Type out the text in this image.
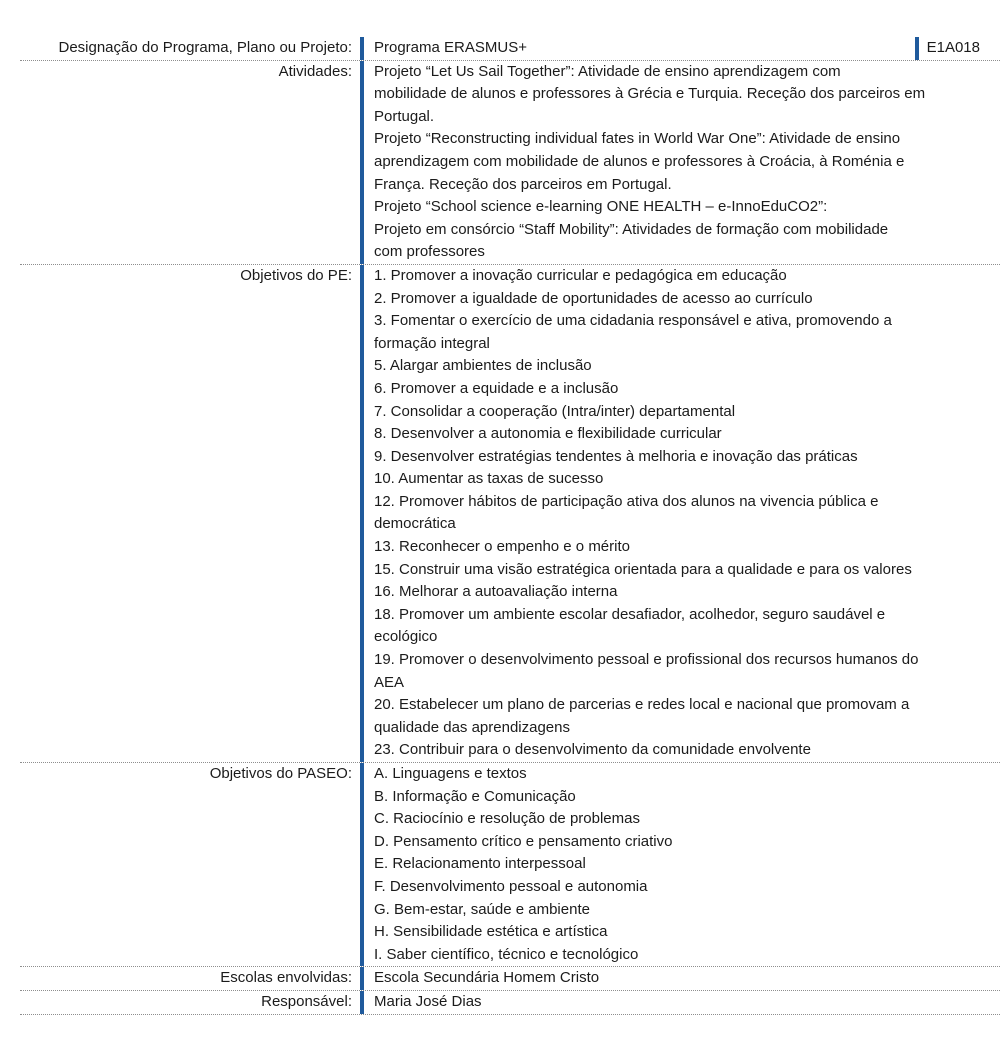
Designação do Programa, Plano ou Projeto:	Programa ERASMUS+	E1A018
Atividades:	Projeto “Let Us Sail Together”: Atividade de ensino aprendizagem com
mobilidade de alunos e professores à Grécia e Turquia. Receção dos parceiros em
Portugal.
Projeto “Reconstructing individual fates in World War One”: Atividade de ensino
aprendizagem com mobilidade de alunos e professores à Croácia, à Roménia e
França. Receção dos parceiros em Portugal.
Projeto “School science e-learning ONE HEALTH – e-InnoEduCO2”:
Projeto em consórcio “Staff Mobility”: Atividades de formação com mobilidade
com professores
Objetivos do PE:	1. Promover a inovação curricular e pedagógica em educação
2. Promover a igualdade de oportunidades de acesso ao currículo
3. Fomentar o exercício de uma cidadania responsável e ativa, promovendo a
formação integral
5. Alargar ambientes de inclusão
6. Promover a equidade e a inclusão
7. Consolidar a cooperação (Intra/inter) departamental
8. Desenvolver a autonomia e flexibilidade curricular
9. Desenvolver estratégias tendentes à melhoria e inovação das práticas
10. Aumentar as taxas de sucesso
12. Promover hábitos de participação ativa dos alunos na vivencia pública e
democrática
13. Reconhecer o empenho e o mérito
15. Construir uma visão estratégica orientada para a qualidade e para os valores
16. Melhorar a autoavaliação interna
18. Promover um ambiente escolar desafiador, acolhedor, seguro saudável e
ecológico
19. Promover o desenvolvimento pessoal e profissional dos recursos humanos do
AEA
20. Estabelecer um plano de parcerias e redes local e nacional que promovam a
qualidade das aprendizagens
23. Contribuir para o desenvolvimento da comunidade envolvente
Objetivos do PASEO:	A. Linguagens e textos
B. Informação e Comunicação
C. Raciocínio e resolução de problemas
D. Pensamento crítico e pensamento criativo
E. Relacionamento interpessoal
F. Desenvolvimento pessoal e autonomia
G. Bem-estar, saúde e ambiente
H. Sensibilidade estética e artística
I. Saber científico, técnico e tecnológico
Escolas envolvidas:	Escola Secundária Homem Cristo
Responsável:	Maria José Dias
